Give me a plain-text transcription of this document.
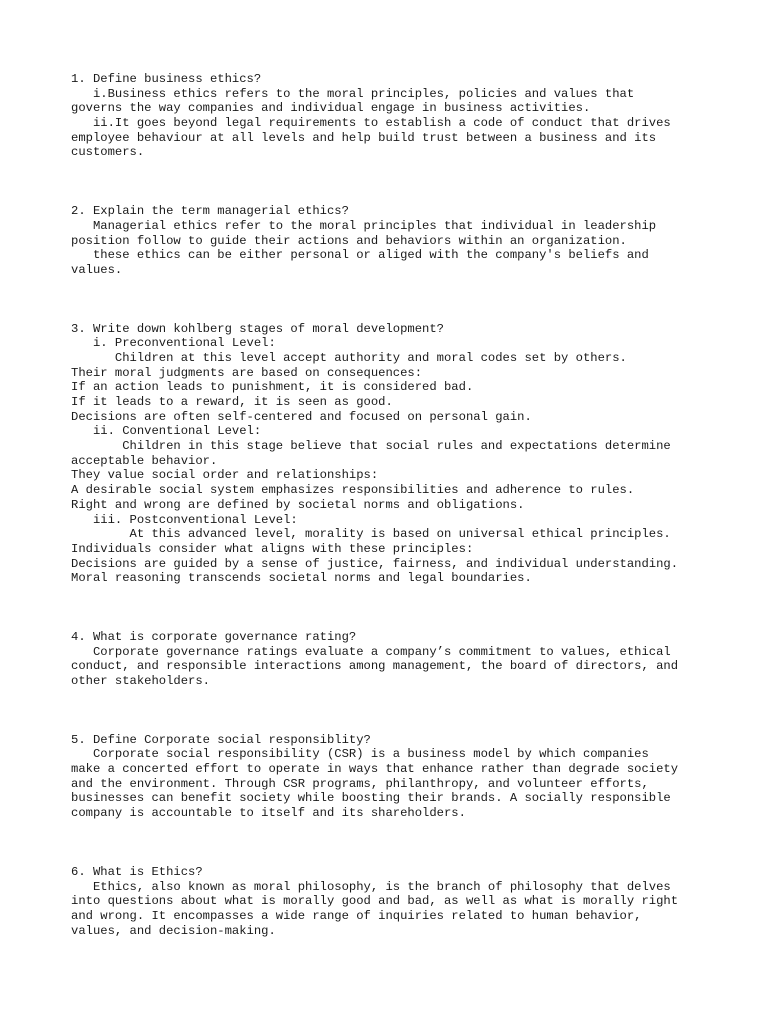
1. Define business ethics?

i.Business ethics refers to the moral principles, policies and values that

governs the way companies and individual engage in business activities.

ii.It goes beyond legal requirements to establish a code of conduct that drives

employee behaviour at all levels and help build trust between a business and its

customers.

2. Explain the term managerial ethics?

Managerial ethics refer to the moral principles that individual in leadership

position follow to guide their actions and behaviors within an organization.

these ethics can be either personal or aliged with the company's beliefs and

values.

3. Write down kohlberg stages of moral development?

i. Preconventional Level:

Children at this level accept authority and moral codes set by others.

Their moral judgments are based on consequences:

If an action leads to punishment, it is considered bad.

If it leads to a reward, it is seen as good.

Decisions are often self-centered and focused on personal gain.

ii. Conventional Level:

Children in this stage believe that social rules and expectations determine

acceptable behavior.

They value social order and relationships:

A desirable social system emphasizes responsibilities and adherence to rules.

Right and wrong are defined by societal norms and obligations.

iii. Postconventional Level:

At this advanced level, morality is based on universal ethical principles.

Individuals consider what aligns with these principles:

Decisions are guided by a sense of justice, fairness, and individual understanding.

Moral reasoning transcends societal norms and legal boundaries.

4. What is corporate governance rating?

Corporate governance ratings evaluate a company’s commitment to values, ethical

conduct, and responsible interactions among management, the board of directors, and

other stakeholders.

5. Define Corporate social responsiblity?

Corporate social responsibility (CSR) is a business model by which companies

make a concerted effort to operate in ways that enhance rather than degrade society

and the environment. Through CSR programs, philanthropy, and volunteer efforts,

businesses can benefit society while boosting their brands. A socially responsible

company is accountable to itself and its shareholders.

6. What is Ethics?

Ethics, also known as moral philosophy, is the branch of philosophy that delves

into questions about what is morally good and bad, as well as what is morally right

and wrong. It encompasses a wide range of inquiries related to human behavior,

values, and decision-making.
